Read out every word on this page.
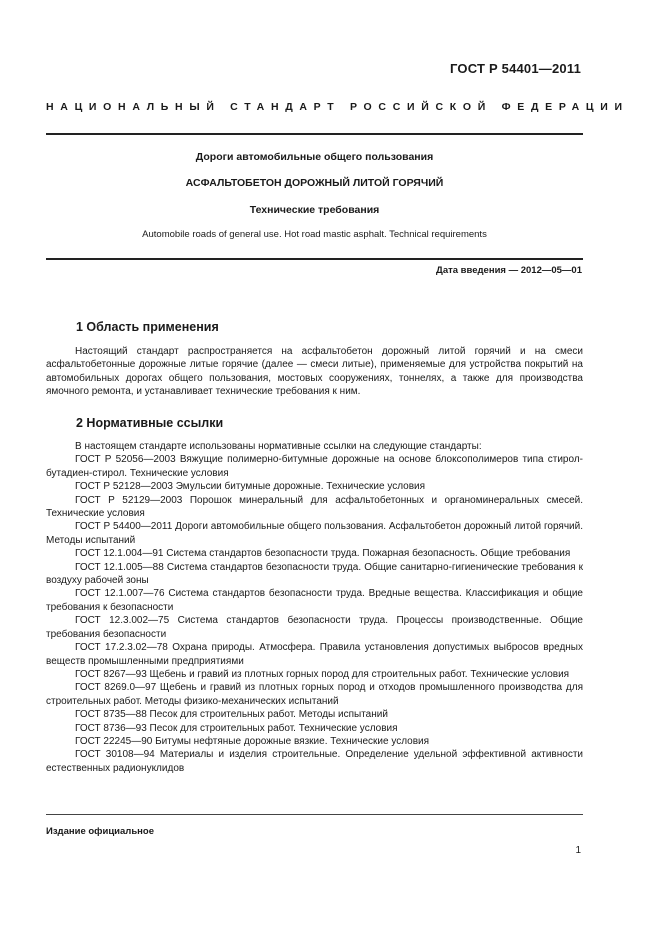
ГОСТ Р 54401—2011
НАЦИОНАЛЬНЫЙ СТАНДАРТ РОССИЙСКОЙ ФЕДЕРАЦИИ
Дороги автомобильные общего пользования
АСФАЛЬТОБЕТОН ДОРОЖНЫЙ ЛИТОЙ ГОРЯЧИЙ
Технические требования
Automobile roads of general use. Hot road mastic asphalt. Technical requirements
Дата введения — 2012—05—01
1 Область применения

Настоящий стандарт распространяется на асфальтобетон дорожный литой горячий и на смеси асфальтобетонные дорожные литые горячие (далее — смеси литые), применяемые для устройства покрытий на автомобильных дорогах общего пользования, мостовых сооружениях, тоннелях, а также для производства ямочного ремонта, и устанавливает технические требования к ним.

2 Нормативные ссылки

В настоящем стандарте использованы нормативные ссылки на следующие стандарты:

ГОСТ Р 52056—2003 Вяжущие полимерно-битумные дорожные на основе блоксополимеров типа стирол-бутадиен-стирол. Технические условия

ГОСТ Р 52128—2003 Эмульсии битумные дорожные. Технические условия

ГОСТ Р 52129—2003 Порошок минеральный для асфальтобетонных и органоминеральных смесей. Технические условия

ГОСТ Р 54400—2011 Дороги автомобильные общего пользования. Асфальтобетон дорожный литой горячий. Методы испытаний

ГОСТ 12.1.004—91 Система стандартов безопасности труда. Пожарная безопасность. Общие требования

ГОСТ 12.1.005—88 Система стандартов безопасности труда. Общие санитарно-гигиенические требования к воздуху рабочей зоны

ГОСТ 12.1.007—76 Система стандартов безопасности труда. Вредные вещества. Классификация и общие требования к безопасности

ГОСТ 12.3.002—75 Система стандартов безопасности труда. Процессы производственные. Общие требования безопасности

ГОСТ 17.2.3.02—78 Охрана природы. Атмосфера. Правила установления допустимых выбросов вредных веществ промышленными предприятиями

ГОСТ 8267—93 Щебень и гравий из плотных горных пород для строительных работ. Технические условия

ГОСТ 8269.0—97 Щебень и гравий из плотных горных пород и отходов промышленного производства для строительных работ. Методы физико-механических испытаний

ГОСТ 8735—88 Песок для строительных работ. Методы испытаний

ГОСТ 8736—93 Песок для строительных работ. Технические условия

ГОСТ 22245—90 Битумы нефтяные дорожные вязкие. Технические условия

ГОСТ 30108—94 Материалы и изделия строительные. Определение удельной эффективной активности естественных радионуклидов

Издание официальное
1
